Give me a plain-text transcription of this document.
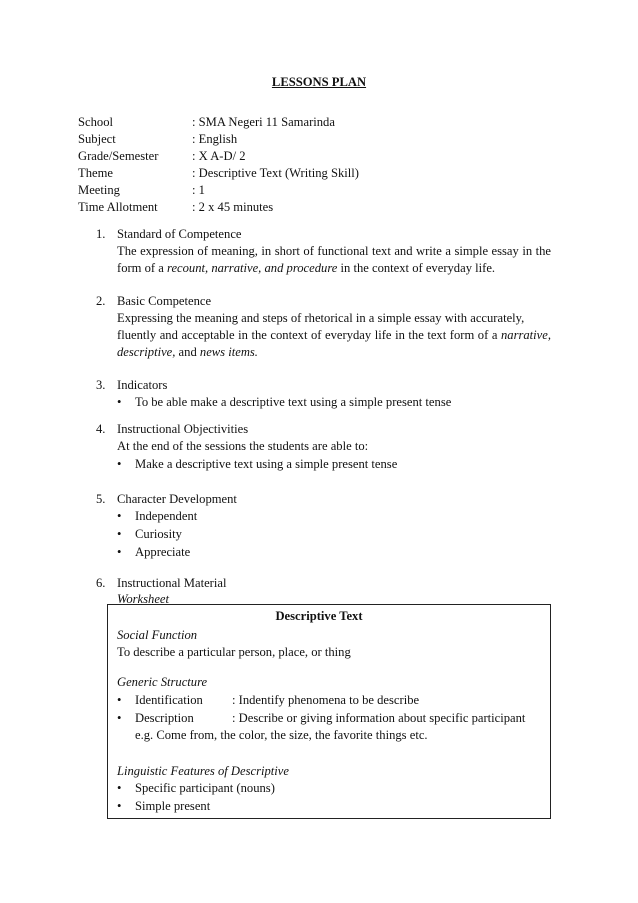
LESSONS PLAN
School	: SMA Negeri 11 Samarinda
Subject	: English
Grade/Semester	: X A-D/ 2
Theme	: Descriptive Text (Writing Skill)
Meeting	: 1
Time Allotment	: 2 x 45 minutes
1. Standard of Competence
The expression of meaning, in short of functional text and write a simple essay in the
form of a recount, narrative, and procedure in the context of everyday life.
2. Basic Competence
Expressing the meaning and steps of rhetorical in a simple essay with accurately,
fluently and acceptable in the context of everyday life in the text form of a narrative,
descriptive, and news items.
3. Indicators
• To be able make a descriptive text using a simple present tense
4. Instructional Objectivities
At the end of the sessions the students are able to:
• Make a descriptive text using a simple present tense
5. Character Development
• Independent
• Curiosity
• Appreciate
6. Instructional Material
Worksheet
Descriptive Text
Social Function
To describe a particular person, place, or thing
Generic Structure
• Identification : Indentify phenomena to be describe
• Description	: Describe or giving information about specific participant
e.g. Come from, the color, the size, the favorite things etc.
Linguistic Features of Descriptive
• Specific participant (nouns)
• Simple present
